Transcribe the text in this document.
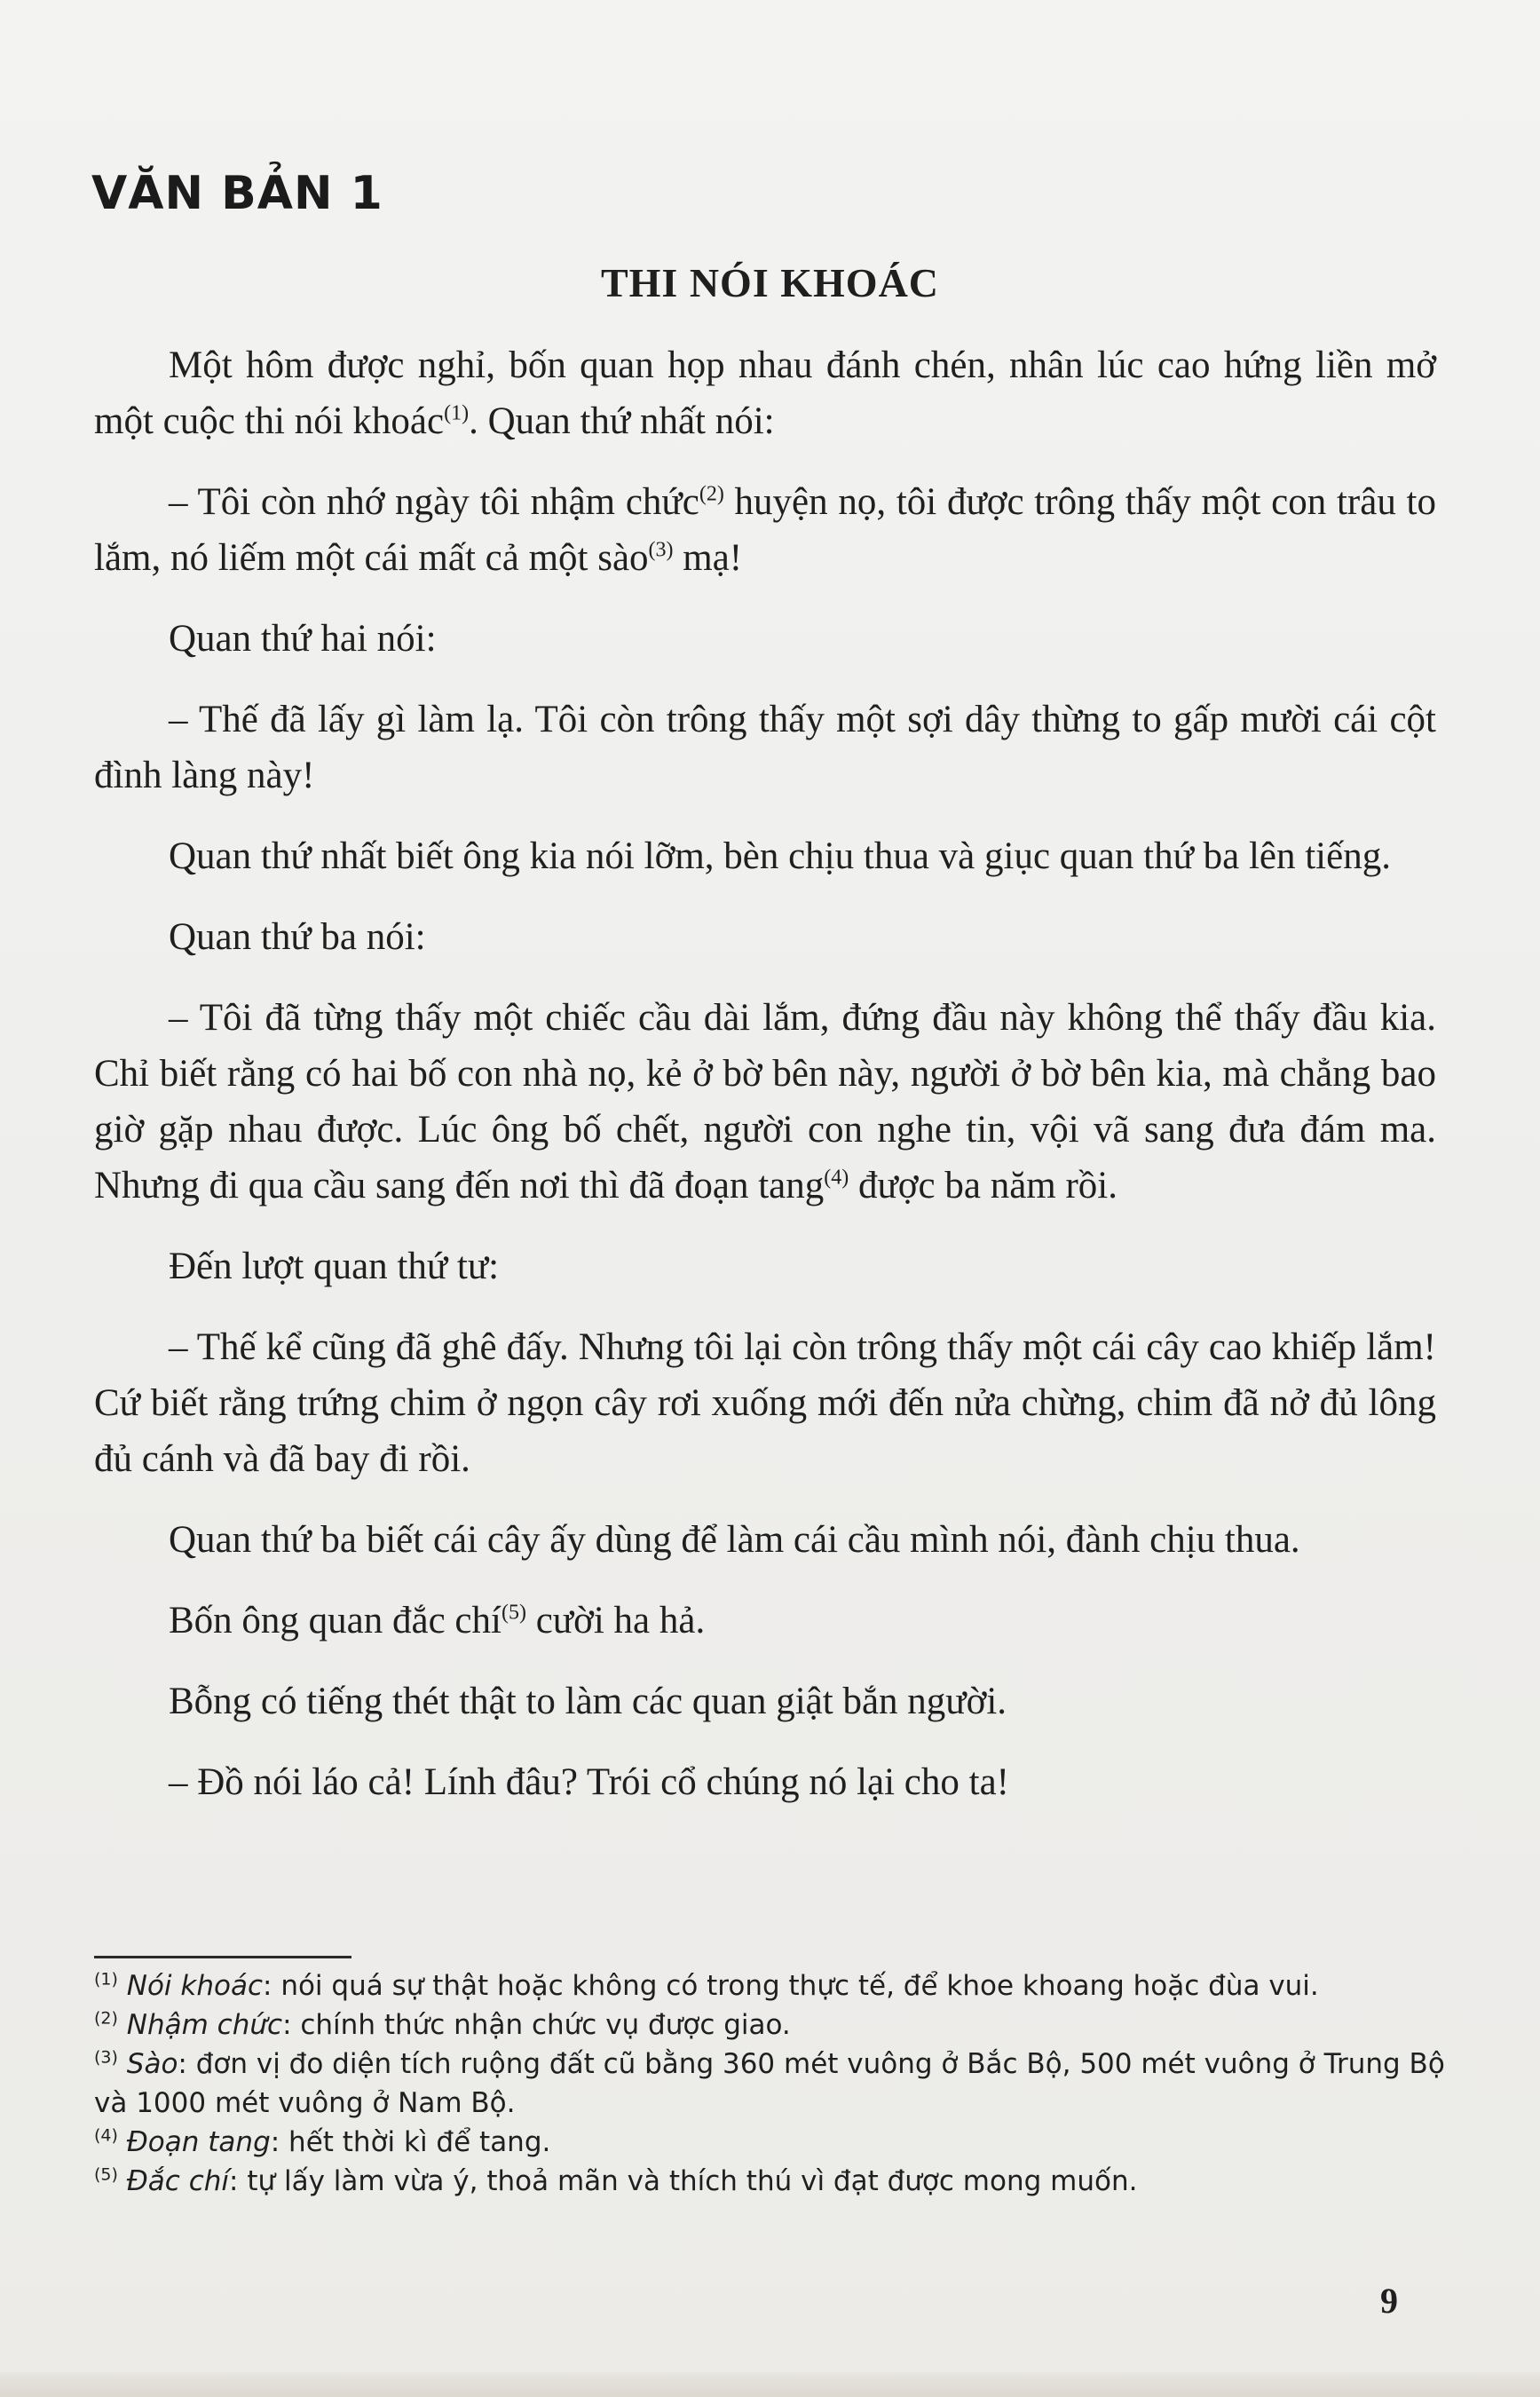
VĂN BẢN 1
THI NÓI KHOÁC

Một hôm được nghỉ, bốn quan họp nhau đánh chén, nhân lúc cao hứng liền mở một cuộc thi nói khoác$^{(1)}$. Quan thứ nhất nói:

– Tôi còn nhớ ngày tôi nhậm chức$^{(2)}$ huyện nọ, tôi được trông thấy một con trâu to lắm, nó liếm một cái mất cả một sào$^{(3)}$ mạ!

Quan thứ hai nói:

– Thế đã lấy gì làm lạ. Tôi còn trông thấy một sợi dây thừng to gấp mười cái cột đình làng này!

Quan thứ nhất biết ông kia nói lỡm, bèn chịu thua và giục quan thứ ba lên tiếng.

Quan thứ ba nói:

– Tôi đã từng thấy một chiếc cầu dài lắm, đứng đầu này không thể thấy đầu kia. Chỉ biết rằng có hai bố con nhà nọ, kẻ ở bờ bên này, người ở bờ bên kia, mà chẳng bao giờ gặp nhau được. Lúc ông bố chết, người con nghe tin, vội vã sang đưa đám ma. Nhưng đi qua cầu sang đến nơi thì đã đoạn tang$^{(4)}$ được ba năm rồi.

Đến lượt quan thứ tư:

– Thế kể cũng đã ghê đấy. Nhưng tôi lại còn trông thấy một cái cây cao khiếp lắm! Cứ biết rằng trứng chim ở ngọn cây rơi xuống mới đến nửa chừng, chim đã nở đủ lông đủ cánh và đã bay đi rồi.

Quan thứ ba biết cái cây ấy dùng để làm cái cầu mình nói, đành chịu thua.

Bốn ông quan đắc chí$^{(5)}$ cười ha hả.

Bỗng có tiếng thét thật to làm các quan giật bắn người.

– Đồ nói láo cả! Lính đâu? Trói cổ chúng nó lại cho ta!

$^{(1)}$ Nói khoác: nói quá sự thật hoặc không có trong thực tế, để khoe khoang hoặc đùa vui.

$^{(2)}$ Nhậm chức: chính thức nhận chức vụ được giao.

$^{(3)}$ Sào: đơn vị đo diện tích ruộng đất cũ bằng 360 mét vuông ở Bắc Bộ, 500 mét vuông ở Trung Bộ và 1000 mét vuông ở Nam Bộ.

$^{(4)}$ Đoạn tang: hết thời kì để tang.

$^{(5)}$ Đắc chí: tự lấy làm vừa ý, thoả mãn và thích thú vì đạt được mong muốn.

9
